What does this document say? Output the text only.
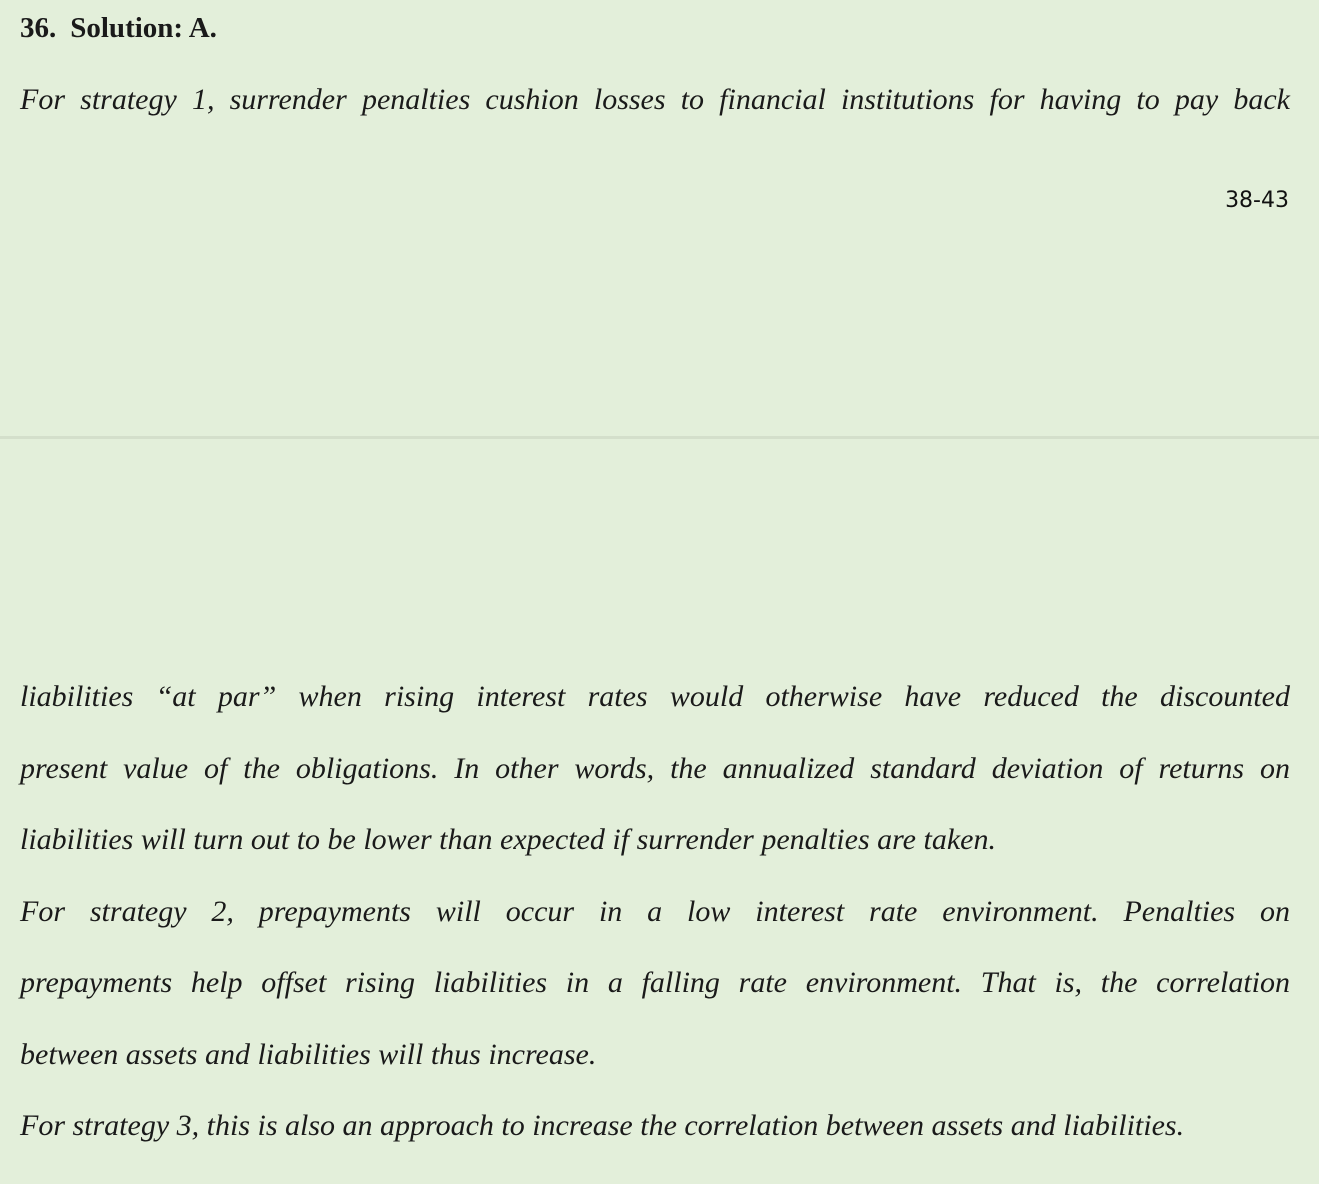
36. Solution: A.
For strategy 1, surrender penalties cushion losses to financial institutions for having to pay back
38-43
liabilities “at par” when rising interest rates would otherwise have reduced the discounted
present value of the obligations. In other words, the annualized standard deviation of returns on
liabilities will turn out to be lower than expected if surrender penalties are taken.
For strategy 2, prepayments will occur in a low interest rate environment. Penalties on
prepayments help offset rising liabilities in a falling rate environment. That is, the correlation
between assets and liabilities will thus increase.
For strategy 3, this is also an approach to increase the correlation between assets and liabilities.
